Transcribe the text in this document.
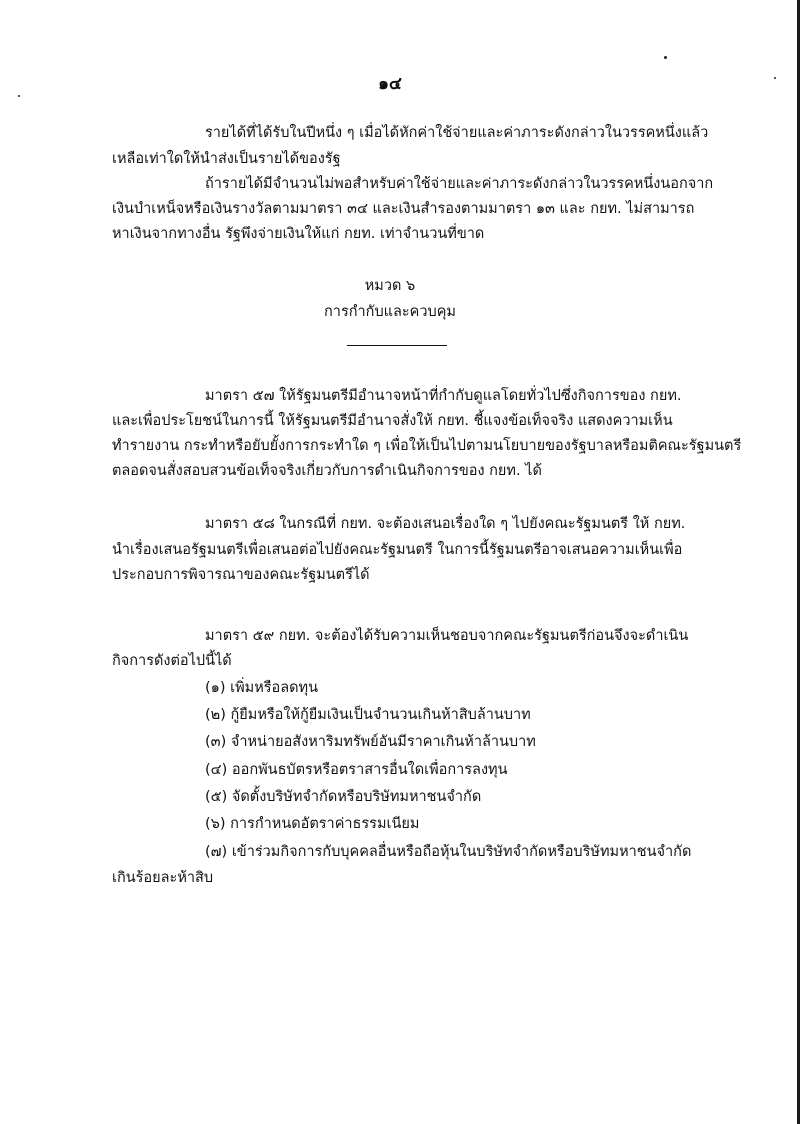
๑๔
รายได้ที่ได้รับในปีหนึ่ง ๆ เมื่อได้หักค่าใช้จ่ายและค่าภาระดังกล่าวในวรรคหนึ่งแล้ว
เหลือเท่าใดให้นำส่งเป็นรายได้ของรัฐ
ถ้ารายได้มีจำนวนไม่พอสำหรับค่าใช้จ่ายและค่าภาระดังกล่าวในวรรคหนึ่งนอกจาก
เงินบำเหน็จหรือเงินรางวัลตามมาตรา ๓๔ และเงินสำรองตามมาตรา ๑๓ และ กยท. ไม่สามารถ
หาเงินจากทางอื่น รัฐพึงจ่ายเงินให้แก่ กยท. เท่าจำนวนที่ขาด
หมวด ๖
การกำกับและควบคุม
มาตรา ๕๗ ให้รัฐมนตรีมีอำนาจหน้าที่กำกับดูแลโดยทั่วไปซึ่งกิจการของ กยท.
และเพื่อประโยชน์ในการนี้ ให้รัฐมนตรีมีอำนาจสั่งให้ กยท. ชี้แจงข้อเท็จจริง แสดงความเห็น
ทำรายงาน กระทำหรือยับยั้งการกระทำใด ๆ เพื่อให้เป็นไปตามนโยบายของรัฐบาลหรือมติคณะรัฐมนตรี
ตลอดจนสั่งสอบสวนข้อเท็จจริงเกี่ยวกับการดำเนินกิจการของ กยท. ได้
มาตรา ๕๘ ในกรณีที่ กยท. จะต้องเสนอเรื่องใด ๆ ไปยังคณะรัฐมนตรี ให้ กยท.
นำเรื่องเสนอรัฐมนตรีเพื่อเสนอต่อไปยังคณะรัฐมนตรี ในการนี้รัฐมนตรีอาจเสนอความเห็นเพื่อ
ประกอบการพิจารณาของคณะรัฐมนตรีได้
มาตรา ๕๙ กยท. จะต้องได้รับความเห็นชอบจากคณะรัฐมนตรีก่อนจึงจะดำเนิน
กิจการดังต่อไปนี้ได้
(๑) เพิ่มหรือลดทุน
(๒) กู้ยืมหรือให้กู้ยืมเงินเป็นจำนวนเกินห้าสิบล้านบาท
(๓) จำหน่ายอสังหาริมทรัพย์อันมีราคาเกินห้าล้านบาท
(๔) ออกพันธบัตรหรือตราสารอื่นใดเพื่อการลงทุน
(๕) จัดตั้งบริษัทจำกัดหรือบริษัทมหาชนจำกัด
(๖) การกำหนดอัตราค่าธรรมเนียม
(๗) เข้าร่วมกิจการกับบุคคลอื่นหรือถือหุ้นในบริษัทจำกัดหรือบริษัทมหาชนจำกัด
เกินร้อยละห้าสิบ
